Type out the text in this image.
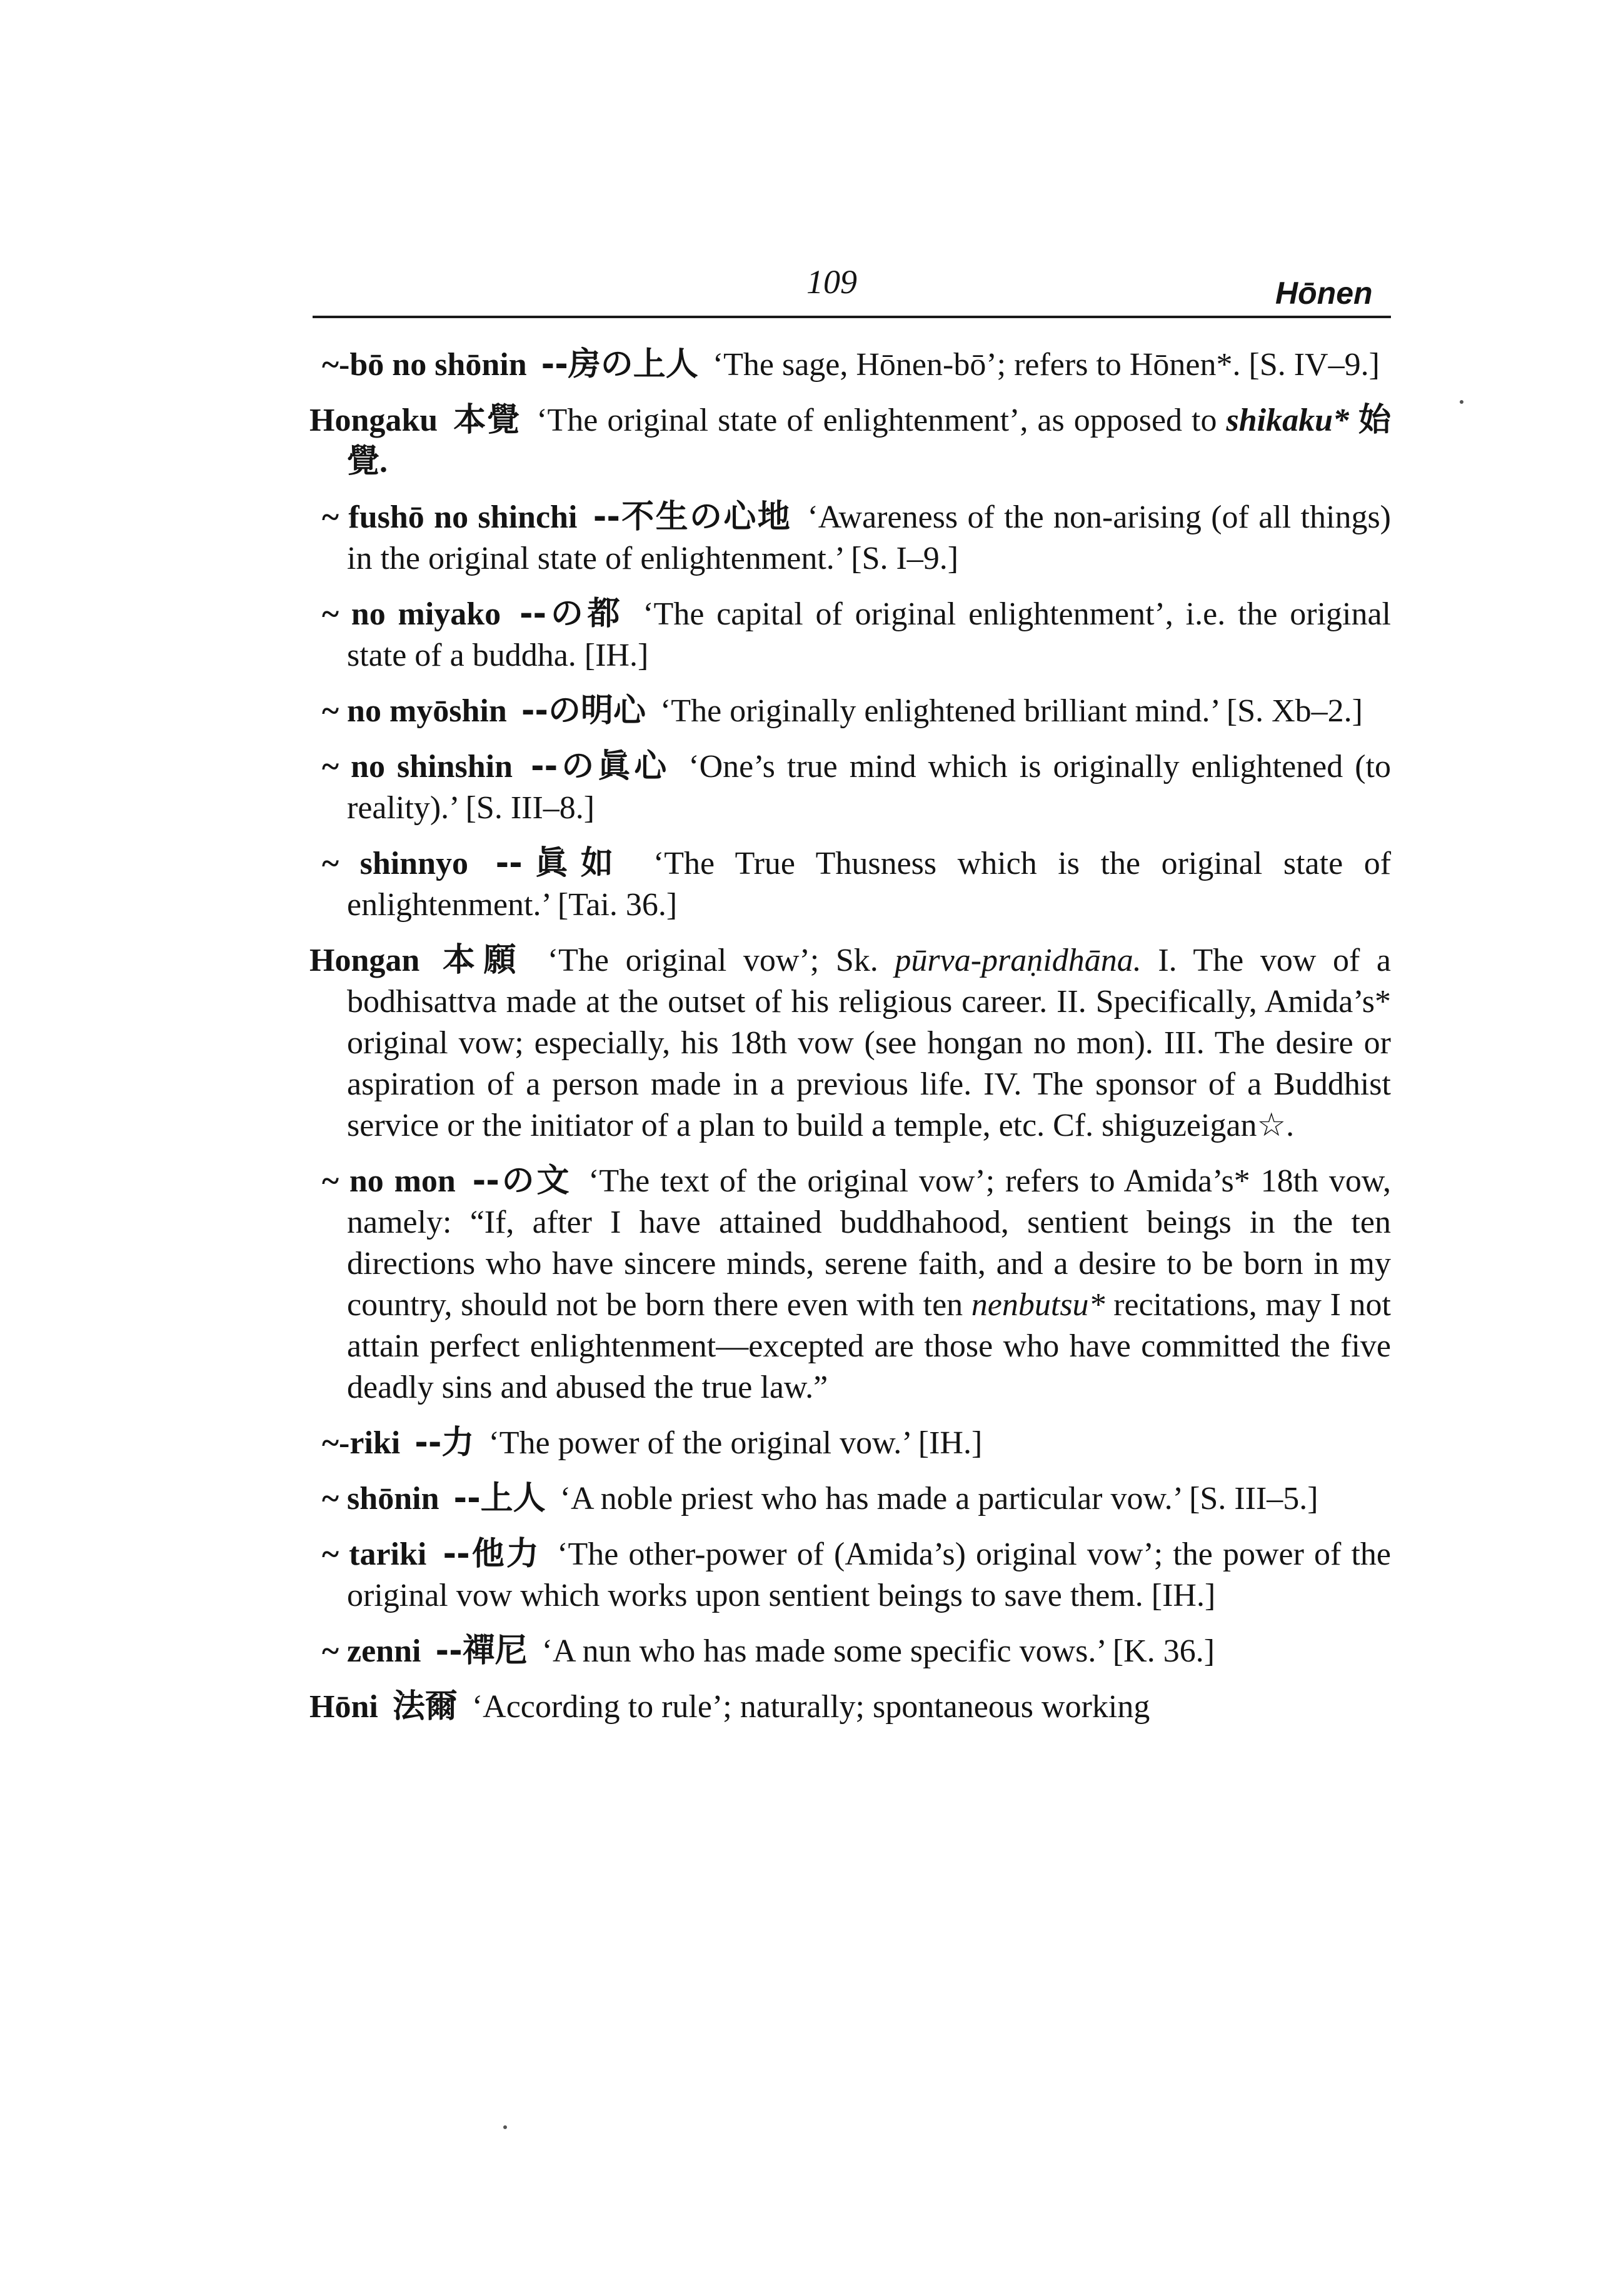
109	Hōnen
~-bō no shōnin --房の上人 ‘The sage, Hōnen-bō’; refers to Hōnen*. [S. IV–9.]
Hongaku 本覺 ‘The original state of enlightenment’, as opposed to shikaku* 始覺.
~ fushō no shinchi --不生の心地 ‘Awareness of the non-arising (of all things) in the original state of enlightenment.’ [S. I–9.]
~ no miyako --の都 ‘The capital of original enlightenment’, i.e. the original state of a buddha. [IH.]
~ no myōshin --の明心 ‘The originally enlightened brilliant mind.’ [S. Xb–2.]
~ no shinshin --の眞心 ‘One’s true mind which is originally enlightened (to reality).’ [S. III–8.]
~ shinnyo --眞如 ‘The True Thusness which is the original state of enlightenment.’ [Tai. 36.]
Hongan 本願 ‘The original vow’; Sk. pūrva-praṇidhāna. I. The vow of a bodhisattva made at the outset of his religious career. II. Specifically, Amida’s* original vow; especially, his 18th vow (see hongan no mon). III. The desire or aspiration of a person made in a previous life. IV. The sponsor of a Buddhist service or the initiator of a plan to build a temple, etc. Cf. shiguzeigan☆.
~ no mon --の文 ‘The text of the original vow’; refers to Amida’s* 18th vow, namely: “If, after I have attained buddhahood, sentient beings in the ten directions who have sincere minds, serene faith, and a desire to be born in my country, should not be born there even with ten nenbutsu* recitations, may I not attain perfect enlightenment—excepted are those who have committed the five deadly sins and abused the true law.”
~-riki --力 ‘The power of the original vow.’ [IH.]
~ shōnin --上人 ‘A noble priest who has made a particular vow.’ [S. III–5.]
~ tariki --他力 ‘The other-power of (Amida’s) original vow’; the power of the original vow which works upon sentient beings to save them. [IH.]
~ zenni --禪尼 ‘A nun who has made some specific vows.’ [K. 36.]
Hōni 法爾 ‘According to rule’; naturally; spontaneous working
